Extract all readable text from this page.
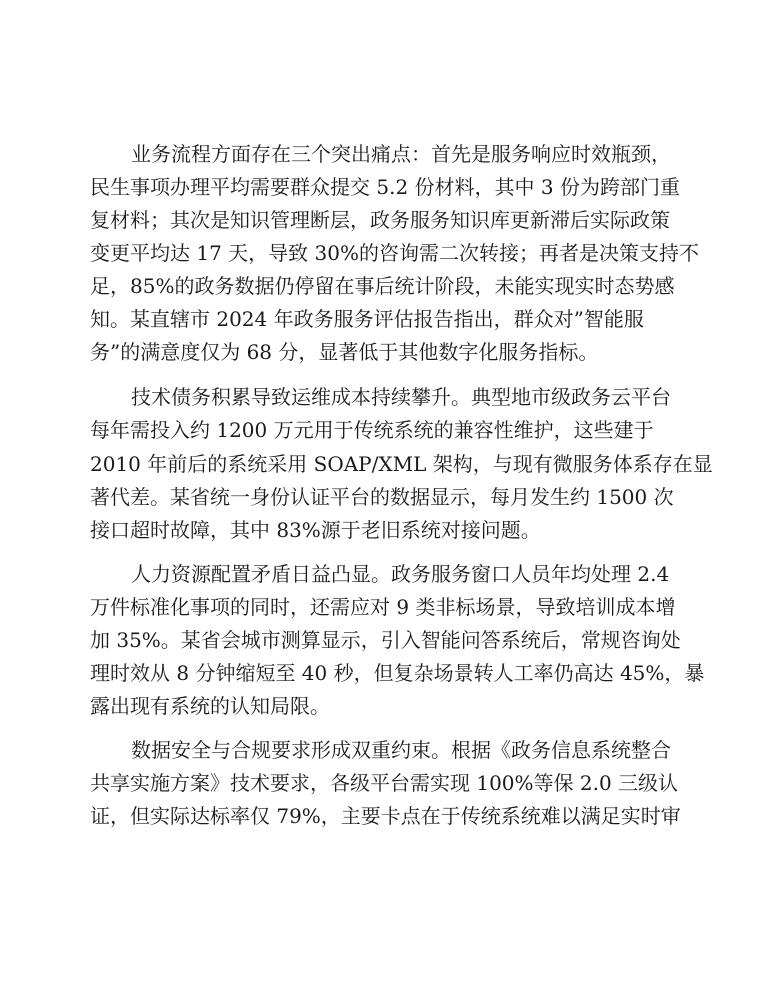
业务流程方面存在三个突出痛点：首先是服务响应时效瓶颈，
民生事项办理平均需要群众提交 5.2 份材料，其中 3 份为跨部门重
复材料；其次是知识管理断层，政务服务知识库更新滞后实际政策
变更平均达 17 天，导致 30%的咨询需二次转接；再者是决策支持不
足，85%的政务数据仍停留在事后统计阶段，未能实现实时态势感
知。某直辖市 2024 年政务服务评估报告指出，群众对”智能服
务”的满意度仅为 68 分，显著低于其他数字化服务指标。
技术债务积累导致运维成本持续攀升。典型地市级政务云平台
每年需投入约 1200 万元用于传统系统的兼容性维护，这些建于
2010 年前后的系统采用 SOAP/XML 架构，与现有微服务体系存在显
著代差。某省统一身份认证平台的数据显示，每月发生约 1500 次
接口超时故障，其中 83%源于老旧系统对接问题。
人力资源配置矛盾日益凸显。政务服务窗口人员年均处理 2.4
万件标准化事项的同时，还需应对 9 类非标场景，导致培训成本增
加 35%。某省会城市测算显示，引入智能问答系统后，常规咨询处
理时效从 8 分钟缩短至 40 秒，但复杂场景转人工率仍高达 45%，暴
露出现有系统的认知局限。
数据安全与合规要求形成双重约束。根据《政务信息系统整合
共享实施方案》技术要求，各级平台需实现 100%等保 2.0 三级认
证，但实际达标率仅 79%，主要卡点在于传统系统难以满足实时审
